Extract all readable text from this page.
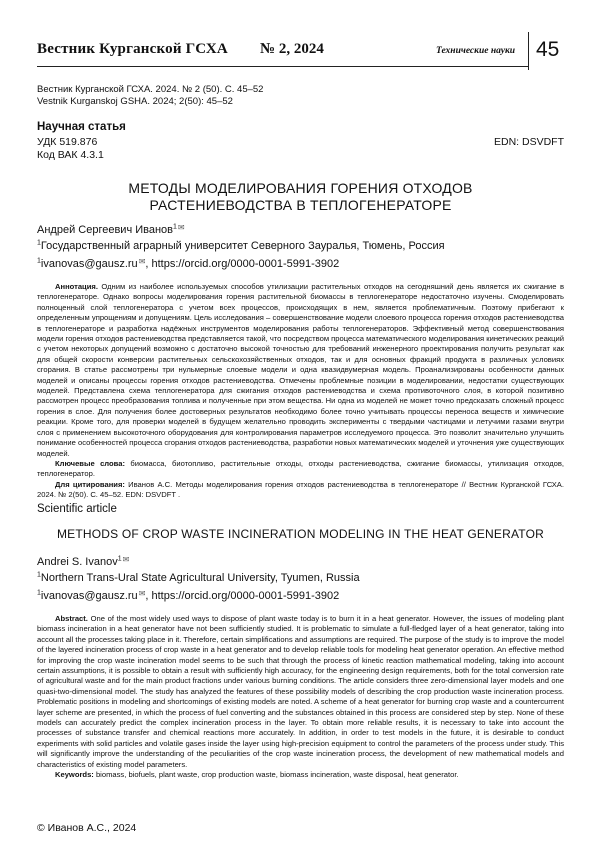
Вестник Курганской ГСХА № 2, 2024	Технические науки 45
Вестник Курганской ГСХА. 2024. № 2 (50). С. 45–52
Vestnik Kurganskoj GSHA. 2024; 2(50): 45–52
Научная статья
УДК 519.876	EDN: DSVDFT
Код ВАК 4.3.1
МЕТОДЫ МОДЕЛИРОВАНИЯ ГОРЕНИЯ ОТХОДОВ
РАСТЕНИЕВОДСТВА В ТЕПЛОГЕНЕРАТОРЕ
Андрей Сергеевич Иванов1✉
1Государственный аграрный университет Северного Зауралья, Тюмень, Россия
1ivanovas@gausz.ru✉, https://orcid.org/0000-0001-5991-3902

Аннотация. Одним из наиболее используемых способов утилизации растительных отходов на сегодняшний день является их сжигание в теплогенераторе. Однако вопросы моделирования горения растительной биомассы в теплогенераторе недостаточно изучены. Смоделировать полноценный слой теплогенератора с учетом всех процессов, происходящих в нем, является проблематичным. Поэтому прибегают к определенным упрощениям и допущениям. Цель исследования – совершенствование модели слоевого процесса горения отходов растениеводства в теплогенераторе и разработка надёжных инструментов моделирования работы теплогенераторов. Эффективный метод совершенствования модели горения отходов растениеводства представляется такой, что посредством процесса математического моделирования кинетических реакций с учетом некоторых допущений возможно с достаточно высокой точностью для требований инженерного проектирования получить результат как для общей скорости конверсии растительных сельскохозяйственных отходов, так и для основных фракций продукта в различных условиях сгорания. В статье рассмотрены три нульмерные слоевые модели и одна квазидвумерная модель. Проанализированы особенности данных моделей и описаны процессы горения отходов растениеводства. Отмечены проблемные позиции в моделировании, недостатки существующих моделей. Представлена схема теплогенератора для сжигания отходов растениеводства и схема противоточного слоя, в которой позитивно рассмотрен процесс преобразования топлива и полученные при этом вещества. Ни одна из моделей не может точно предсказать сложный процесс горения в слое. Для получения более достоверных результатов необходимо более точно учитывать процессы переноса веществ и химические реакции. Кроме того, для проверки моделей в будущем желательно проводить эксперименты с твердыми частицами и летучими газами внутри слоя с применением высокоточного оборудования для контролирования параметров исследуемого процесса. Это позволит значительно улучшить понимание особенностей процесса сгорания отходов растениеводства, разработки новых математических моделей и уточнения уже существующих моделей.

Ключевые слова: биомасса, биотопливо, растительные отходы, отходы растениеводства, сжигание биомассы, утилизация отходов, теплогенератор.

Для цитирования: Иванов А.С. Методы моделирования горения отходов растениеводства в теплогенераторе // Вестник Курганской ГСХА. 2024. № 2(50). С. 45–52. EDN: DSVDFT .

Scientific article
METHODS OF CROP WASTE INCINERATION MODELING IN THE HEAT GENERATOR
Andrei S. Ivanov1✉
1Northern Trans-Ural State Agricultural University, Tyumen, Russia
1ivanovas@gausz.ru✉, https://orcid.org/0000-0001-5991-3902

Abstract. One of the most widely used ways to dispose of plant waste today is to burn it in a heat generator. However, the issues of modeling plant biomass incineration in a heat generator have not been sufficiently studied. It is problematic to simulate a full-fledged layer of a heat generator, taking into account all the processes taking place in it. Therefore, certain simplifications and assumptions are required. The purpose of the study is to improve the model of the layered incineration process of crop waste in a heat generator and to develop reliable tools for modeling heat generator operation. An effective method for improving the crop waste incineration model seems to be such that through the process of kinetic reaction mathematical modeling, taking into account certain assumptions, it is possible to obtain a result with sufficiently high accuracy, for the engineering design requirements, both for the total conversion rate of agricultural waste and for the main product fractions under various burning conditions. The article considers three zero-dimensional layer models and one quasi-two-dimensional model. The study has analyzed the features of these possibility models of describing the crop production waste incineration process. Problematic positions in modeling and shortcomings of existing models are noted. A scheme of a heat generator for burning crop waste and a countercurrent layer scheme are presented, in which the process of fuel converting and the substances obtained in this process are considered step by step. None of these models can accurately predict the complex incineration process in the layer. To obtain more reliable results, it is necessary to take into account the processes of substance transfer and chemical reactions more accurately. In addition, in order to test models in the future, it is desirable to conduct experiments with solid particles and volatile gases inside the layer using high-precision equipment to control the parameters of the process under study. This will significantly improve the understanding of the peculiarities of the crop waste incineration process, the development of new mathematical models and characteristics of existing model parameters.

Keywords: biomass, biofuels, plant waste, crop production waste, biomass incineration, waste disposal, heat generator.

© Иванов А.С., 2024
